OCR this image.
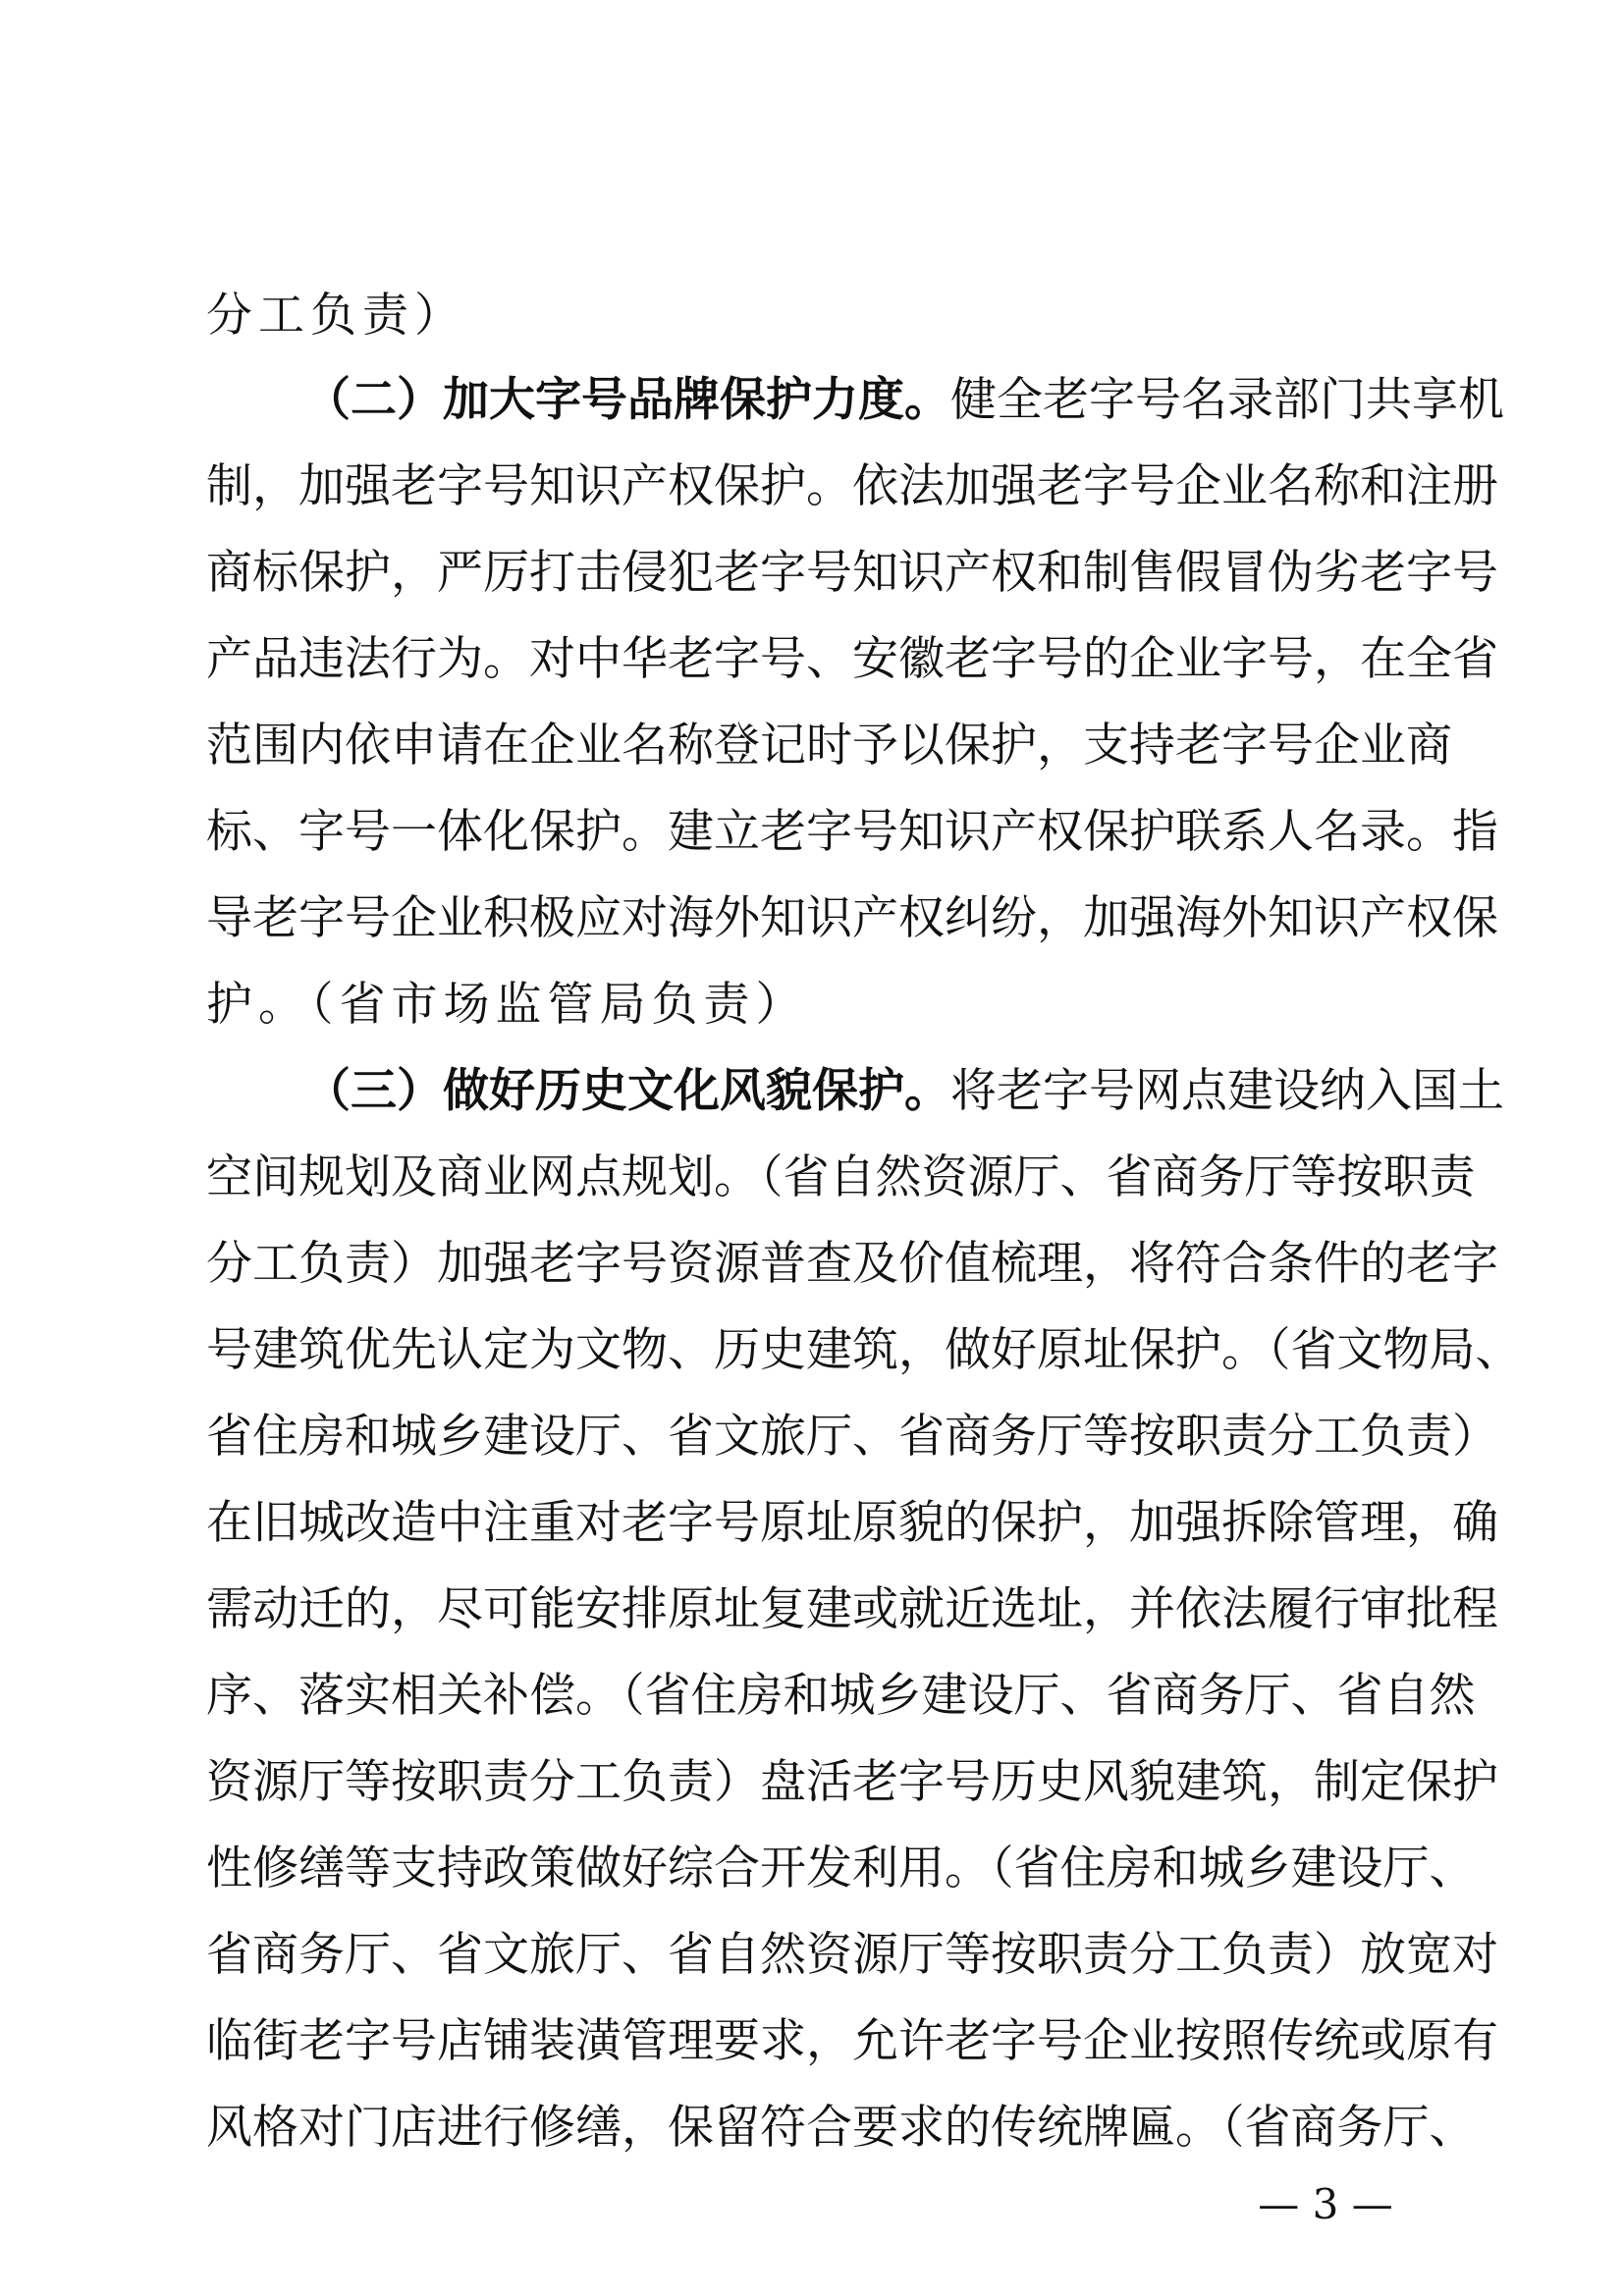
分工负责）
（二）加大字号品牌保护力度。健全老字号名录部门共享机
制，加强老字号知识产权保护。依法加强老字号企业名称和注册
商标保护，严厉打击侵犯老字号知识产权和制售假冒伪劣老字号
产品违法行为。对中华老字号、安徽老字号的企业字号，在全省
范围内依申请在企业名称登记时予以保护，支持老字号企业商
标、字号一体化保护。建立老字号知识产权保护联系人名录。指
导老字号企业积极应对海外知识产权纠纷，加强海外知识产权保
护。（省市场监管局负责）
（三）做好历史文化风貌保护。将老字号网点建设纳入国土
空间规划及商业网点规划。（省自然资源厅、省商务厅等按职责
分工负责）加强老字号资源普查及价值梳理，将符合条件的老字
号建筑优先认定为文物、历史建筑，做好原址保护。（省文物局、
省住房和城乡建设厅、省文旅厅、省商务厅等按职责分工负责）
在旧城改造中注重对老字号原址原貌的保护，加强拆除管理，确
需动迁的，尽可能安排原址复建或就近选址，并依法履行审批程
序、落实相关补偿。（省住房和城乡建设厅、省商务厅、省自然
资源厅等按职责分工负责）盘活老字号历史风貌建筑，制定保护
性修缮等支持政策做好综合开发利用。（省住房和城乡建设厅、
省商务厅、省文旅厅、省自然资源厅等按职责分工负责）放宽对
临街老字号店铺装潢管理要求，允许老字号企业按照传统或原有
风格对门店进行修缮，保留符合要求的传统牌匾。（省商务厅、
— 3 —
